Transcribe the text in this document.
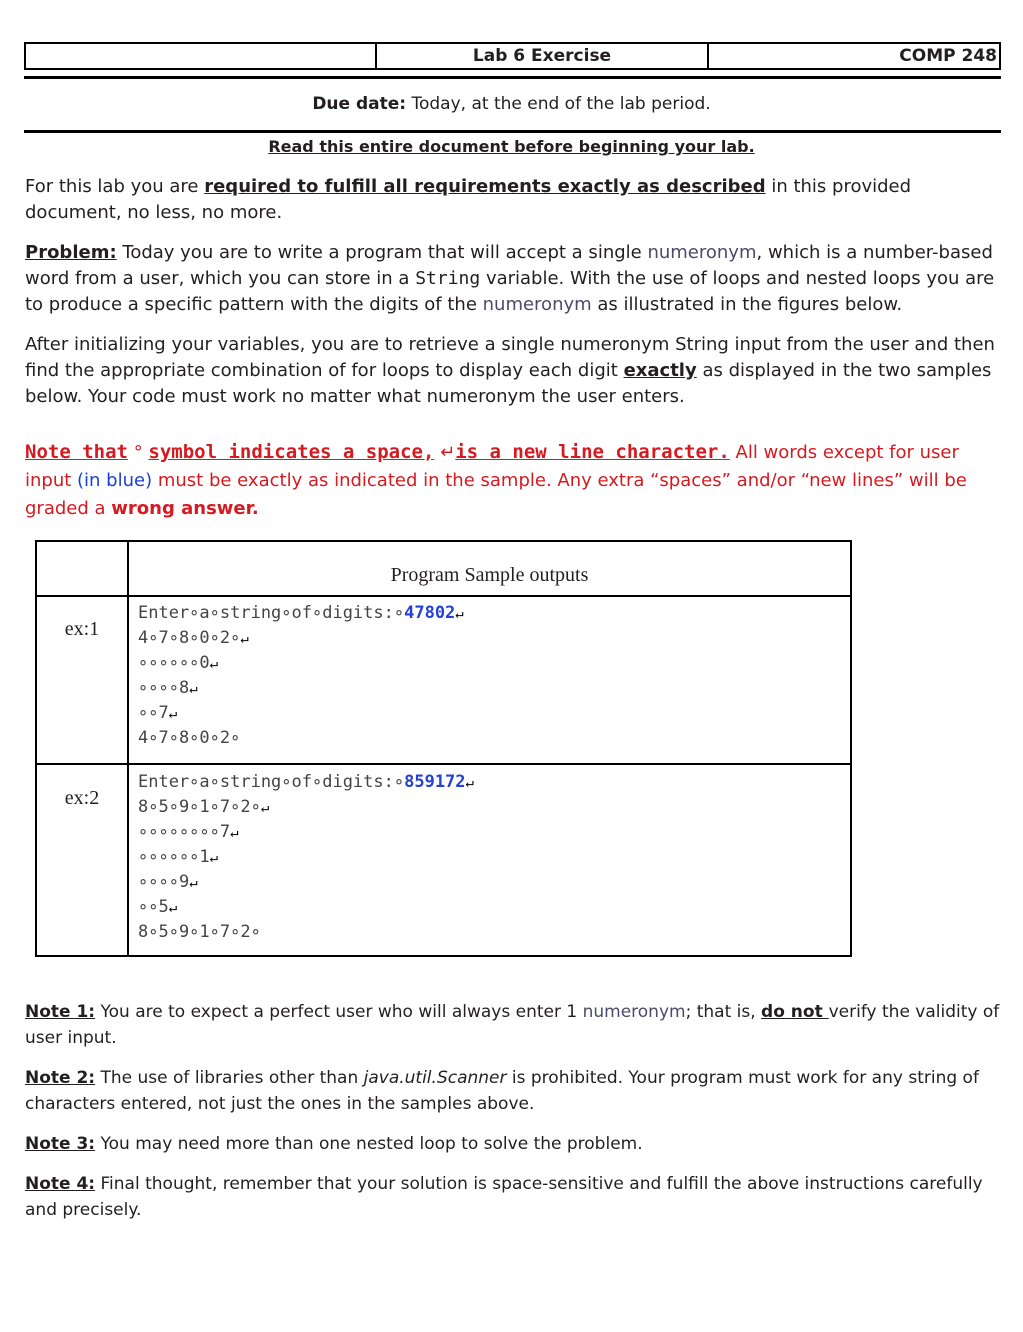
Lab 6 Exercise	COMP 248
Due date: Today, at the end of the lab period.
Read this entire document before beginning your lab.
For this lab you are required to fulfill all requirements exactly as described in this provided document, no less, no more.
Problem: Today you are to write a program that will accept a single numeronym, which is a number-based word from a user, which you can store in a String variable. With the use of loops and nested loops you are to produce a specific pattern with the digits of the numeronym as illustrated in the figures below.
After initializing your variables, you are to retrieve a single numeronym String input from the user and then find the appropriate combination of for loops to display each digit exactly as displayed in the two samples below. Your code must work no matter what numeronym the user enters.
Note that ° symbol indicates a space, ↵is a new line character. All words except for user input (in blue) must be exactly as indicated in the sample. Any extra “spaces” and/or “new lines” will be graded a wrong answer.
Program Sample outputs
ex:1
Enter∘a∘string∘of∘digits:∘47802↵
4∘7∘8∘0∘2∘↵
∘∘∘∘∘∘0↵
∘∘∘∘8↵
∘∘7↵
4∘7∘8∘0∘2∘
ex:2
Enter∘a∘string∘of∘digits:∘859172↵
8∘5∘9∘1∘7∘2∘↵
∘∘∘∘∘∘∘∘7↵
∘∘∘∘∘∘1↵
∘∘∘∘9↵
∘∘5↵
8∘5∘9∘1∘7∘2∘
Note 1: You are to expect a perfect user who will always enter 1 numeronym; that is, do not verify the validity of user input.
Note 2: The use of libraries other than java.util.Scanner is prohibited. Your program must work for any string of characters entered, not just the ones in the samples above.
Note 3: You may need more than one nested loop to solve the problem.
Note 4: Final thought, remember that your solution is space-sensitive and fulfill the above instructions carefully and precisely.
